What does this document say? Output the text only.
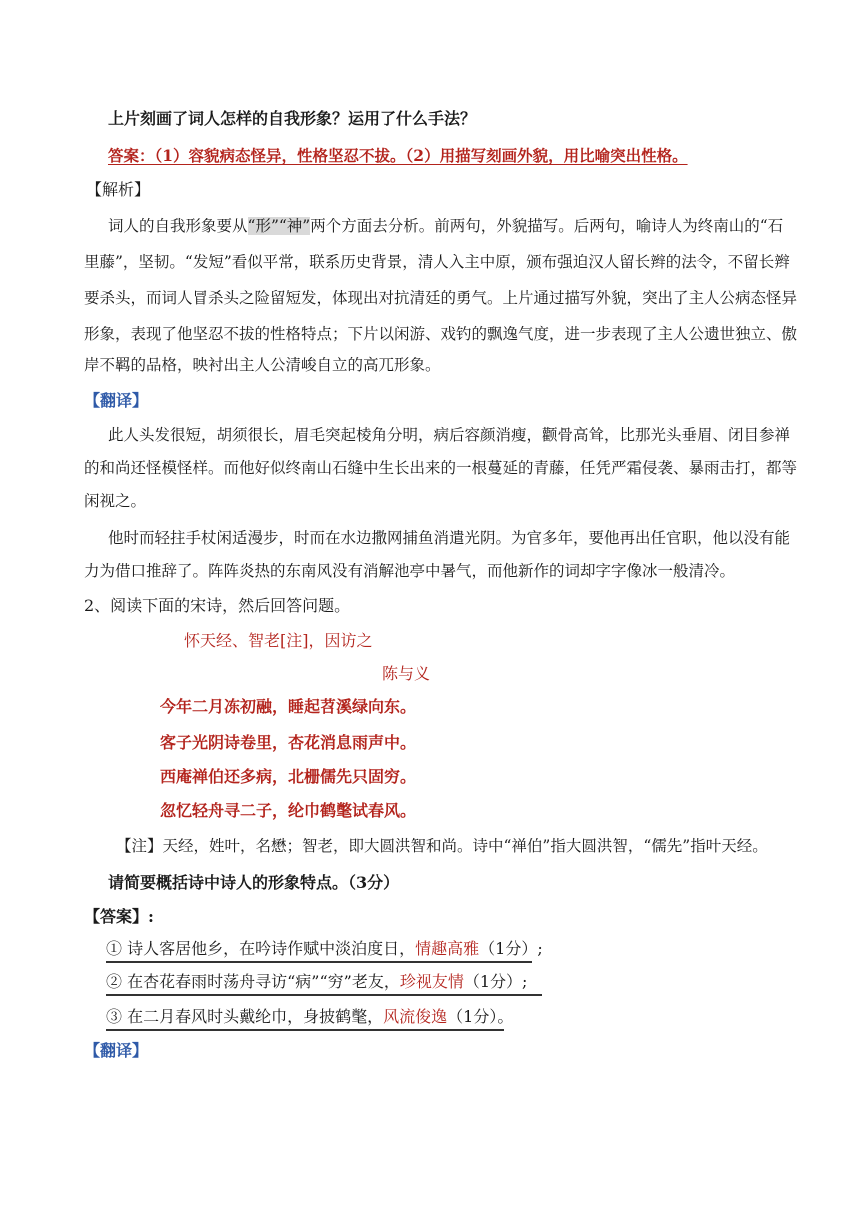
上片刻画了词人怎样的自我形象？运用了什么手法？
答案：（1）容貌病态怪异，性格坚忍不拔。（2）用描写刻画外貌，用比喻突出性格。
【解析】
词人的自我形象要从“形”“神”两个方面去分析。前两句，外貌描写。后两句，喻诗人为终南山的“石
里藤”，坚韧。“发短”看似平常，联系历史背景，清人入主中原，颁布强迫汉人留长辫的法令，不留长辫
要杀头，而词人冒杀头之险留短发，体现出对抗清廷的勇气。上片通过描写外貌，突出了主人公病态怪异
形象，表现了他坚忍不拔的性格特点；下片以闲游、戏钓的飘逸气度，进一步表现了主人公遗世独立、傲
岸不羁的品格，映衬出主人公清峻自立的高兀形象。
【翻译】
此人头发很短，胡须很长，眉毛突起棱角分明，病后容颜消瘦，颧骨高耸，比那光头垂眉、闭目参禅
的和尚还怪模怪样。而他好似终南山石缝中生长出来的一根蔓延的青藤，任凭严霜侵袭、暴雨击打，都等
闲视之。
他时而轻拄手杖闲适漫步，时而在水边撒网捕鱼消遣光阴。为官多年，要他再出任官职，他以没有能
力为借口推辞了。阵阵炎热的东南风没有消解池亭中暑气，而他新作的词却字字像冰一般清冷。
2、阅读下面的宋诗，然后回答问题。
怀天经、智老[注]，因访之
陈与义
今年二月冻初融，睡起苕溪绿向东。
客子光阴诗卷里，杏花消息雨声中。
西庵禅伯还多病，北栅儒先只固穷。
忽忆轻舟寻二子，纶巾鹤氅试春风。
【注】天经，姓叶，名懋；智老，即大圆洪智和尚。诗中“禅伯”指大圆洪智，“儒先”指叶天经。
请简要概括诗中诗人的形象特点。（3分）
【答案】:
① 诗人客居他乡，在吟诗作赋中淡泊度日，情趣高雅（1分）;
② 在杏花春雨时荡舟寻访“病”“穷”老友，珍视友情（1分）;
③ 在二月春风时头戴纶巾，身披鹤氅，风流俊逸（1分）。
【翻译】
